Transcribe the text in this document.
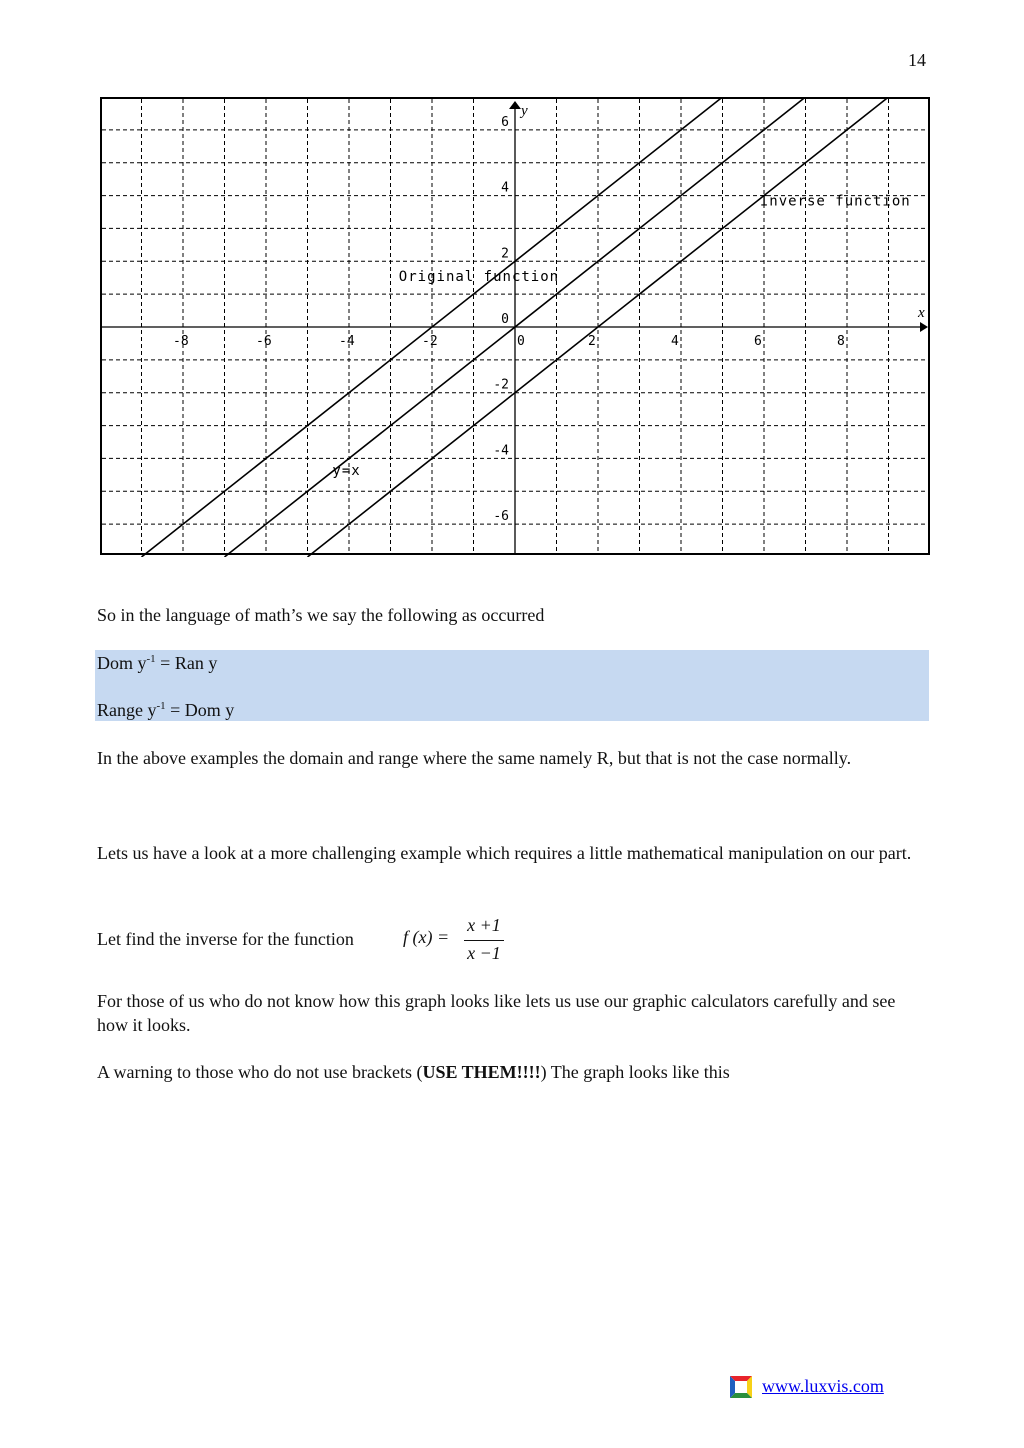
14
x
y
-8	-6	-4	-2	0	2	4	6	8
6
4
2
0
-2
-4
-6
Original function
y=x
Inverse function
So in the language of math’s we say the following as occurred
Dom $y^{-1}$ = Ran y
Range $y^{-1}$ = Dom y
In the above examples the domain and range where the same namely R, but that is not the case normally.
Lets us have a look at a more challenging example which requires a little mathematical manipulation on our part.
Let find the inverse for the function	f (x) =
x +1
x −1
For those of us who do not know how this graph looks like lets us use our graphic calculators carefully and see how it looks.
A warning to those who do not use brackets (USE THEM!!!!) The graph looks like this
www.luxvis.com
